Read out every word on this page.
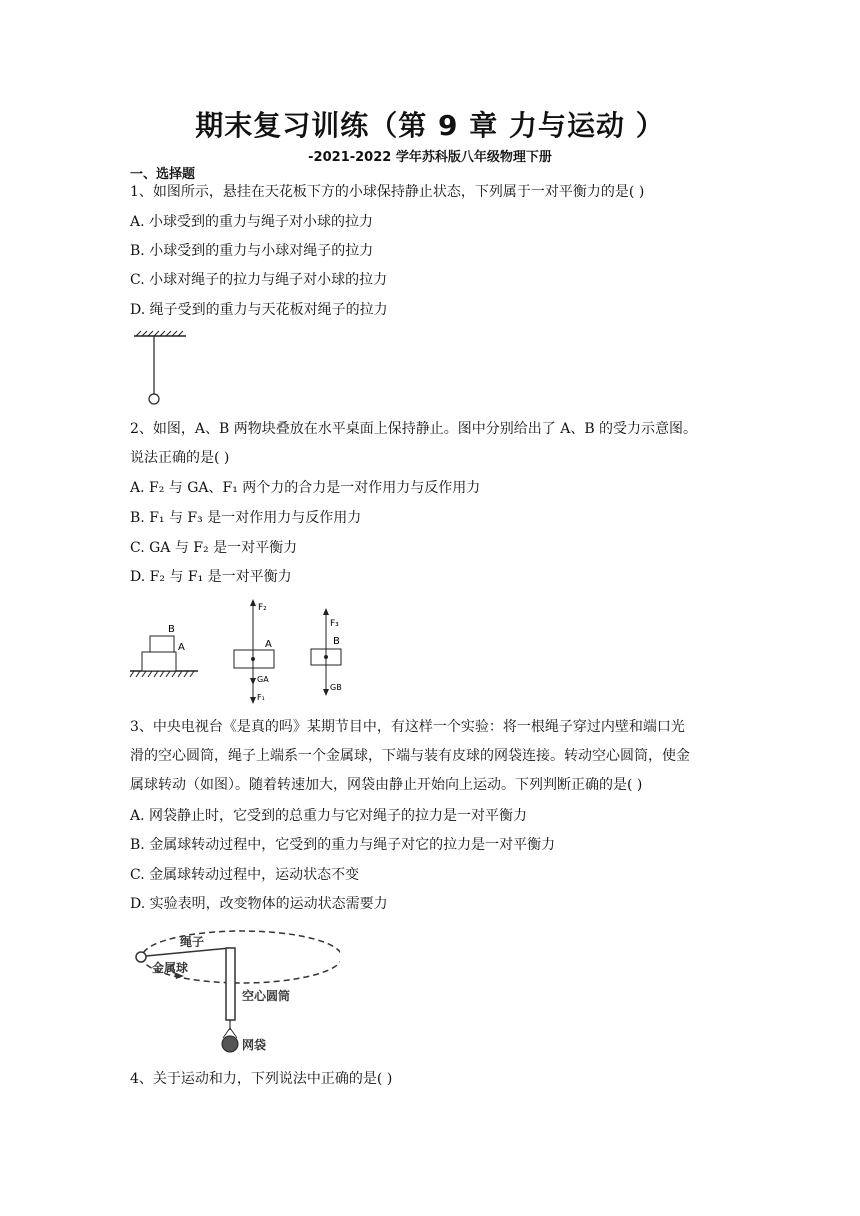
期末复习训练（第 9 章 力与运动 ）
-2021-2022 学年苏科版八年级物理下册
一、选择题
1、如图所示，悬挂在天花板下方的小球保持静止状态，下列属于一对平衡力的是( )
A. 小球受到的重力与绳子对小球的拉力
B. 小球受到的重力与小球对绳子的拉力
C. 小球对绳子的拉力与绳子对小球的拉力
D. 绳子受到的重力与天花板对绳子的拉力
2、如图，A、B 两物块叠放在水平桌面上保持静止。图中分别给出了 A、B 的受力示意图。
说法正确的是( )
A. F₂ 与 GA、F₁ 两个力的合力是一对作用力与反作用力
B. F₁ 与 F₃ 是一对作用力与反作用力
C. GA 与 F₂ 是一对平衡力
D. F₂ 与 F₁ 是一对平衡力
B
A
F₂
A
GA
F₁
F₃
B
GB
3、中央电视台《是真的吗》某期节目中，有这样一个实验：将一根绳子穿过内壁和端口光
滑的空心圆筒，绳子上端系一个金属球，下端与装有皮球的网袋连接。转动空心圆筒，使金
属球转动（如图）。随着转速加大，网袋由静止开始向上运动。下列判断正确的是( )
A. 网袋静止时，它受到的总重力与它对绳子的拉力是一对平衡力
B. 金属球转动过程中，它受到的重力与绳子对它的拉力是一对平衡力
C. 金属球转动过程中，运动状态不变
D. 实验表明，改变物体的运动状态需要力
绳子
金属球
空心圆筒
网袋
4、关于运动和力，下列说法中正确的是( )
